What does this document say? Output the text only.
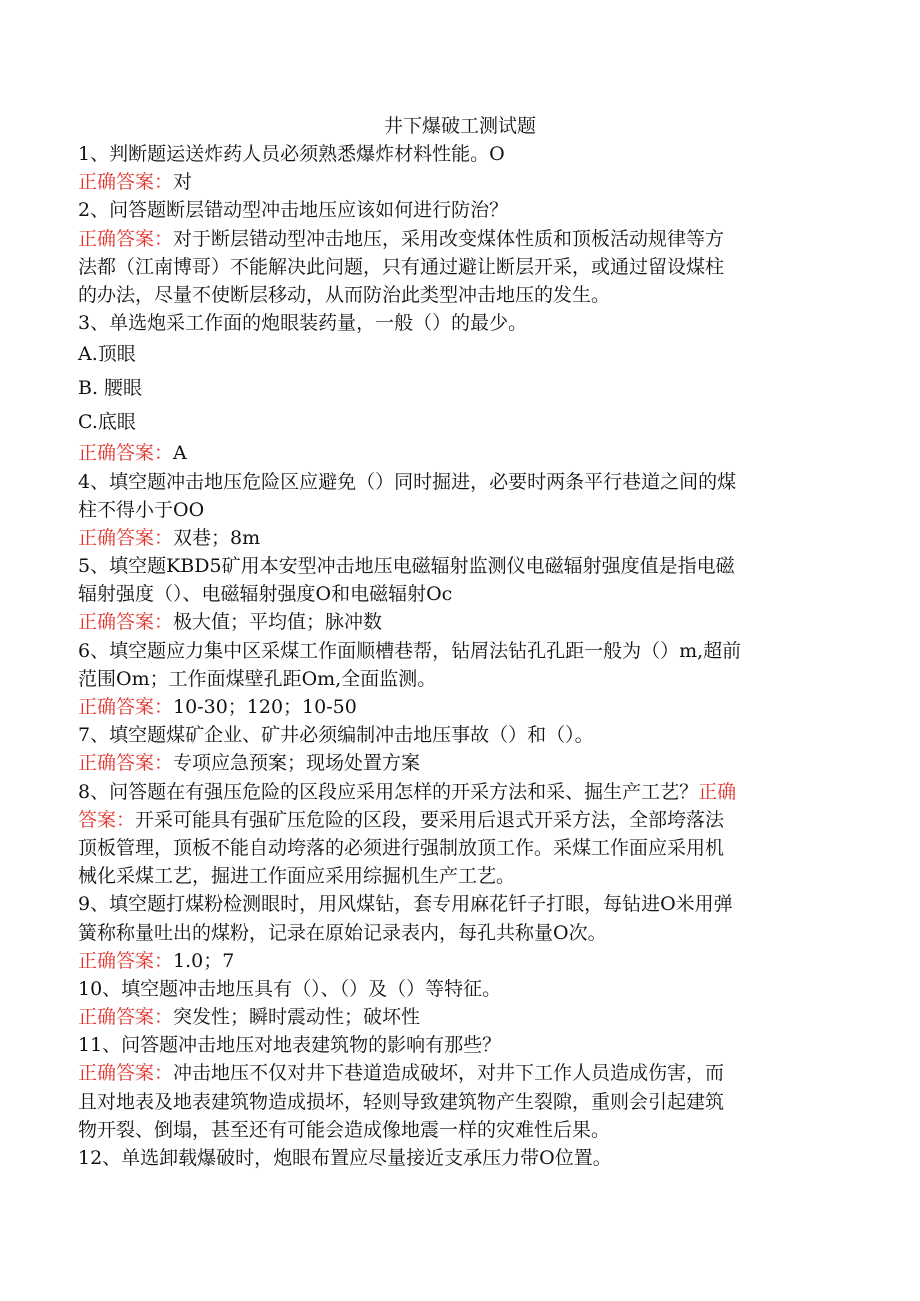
井下爆破工测试题
1、判断题运送炸药人员必须熟悉爆炸材料性能。O
正确答案：对
2、问答题断层错动型冲击地压应该如何进行防治？
正确答案：对于断层错动型冲击地压，采用改变煤体性质和顶板活动规律等方
法都（江南博哥）不能解决此问题，只有通过避让断层开采，或通过留设煤柱
的办法，尽量不使断层移动，从而防治此类型冲击地压的发生。
3、单选炮采工作面的炮眼装药量，一般（）的最少。
A.顶眼
B. 腰眼
C.底眼
正确答案：A
4、填空题冲击地压危险区应避免（）同时掘进，必要时两条平行巷道之间的煤
柱不得小于OO
正确答案：双巷；8m
5、填空题KBD5矿用本安型冲击地压电磁辐射监测仪电磁辐射强度值是指电磁
辐射强度（）、电磁辐射强度O和电磁辐射Oc
正确答案：极大值；平均值；脉冲数
6、填空题应力集中区采煤工作面顺槽巷帮，钻屑法钻孔孔距一般为（）m,超前
范围Om；工作面煤壁孔距Om,全面监测。
正确答案：10-30；120；10-50
7、填空题煤矿企业、矿井必须编制冲击地压事故（）和（）。
正确答案：专项应急预案；现场处置方案
8、问答题在有强压危险的区段应采用怎样的开采方法和采、掘生产工艺？正确
答案：开采可能具有强矿压危险的区段，要采用后退式开采方法，全部垮落法
顶板管理，顶板不能自动垮落的必须进行强制放顶工作。采煤工作面应采用机
械化采煤工艺，掘进工作面应采用综掘机生产工艺。
9、填空题打煤粉检测眼时，用风煤钻，套专用麻花钎子打眼，每钻进O米用弹
簧称称量吐出的煤粉，记录在原始记录表内，每孔共称量O次。
正确答案：1.0；7
10、填空题冲击地压具有（）、（）及（）等特征。
正确答案：突发性；瞬时震动性；破坏性
11、问答题冲击地压对地表建筑物的影响有那些？
正确答案：冲击地压不仅对井下巷道造成破坏，对井下工作人员造成伤害，而
且对地表及地表建筑物造成损坏，轻则导致建筑物产生裂隙，重则会引起建筑
物开裂、倒塌，甚至还有可能会造成像地震一样的灾难性后果。
12、单选卸载爆破时，炮眼布置应尽量接近支承压力带O位置。
